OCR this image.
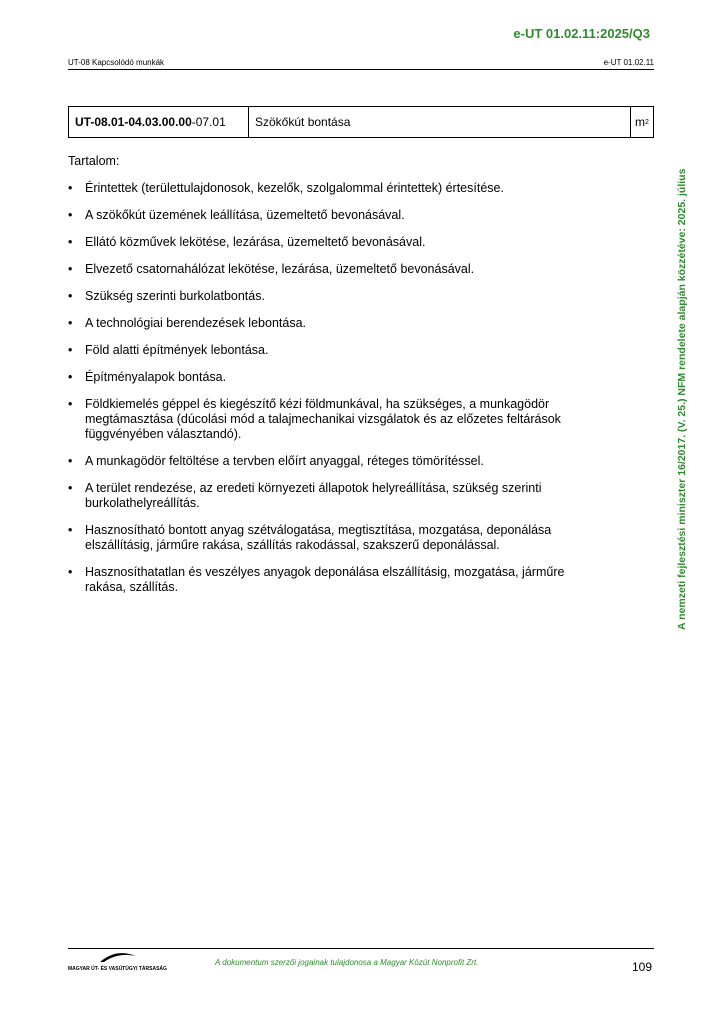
e-UT 01.02.11:2025/Q3
UT-08 Kapcsolódó munkák	e-UT 01.02.11
UT-08.01-04.03.00.00 -07.01 Szökőkút bontása	m 2
Tartalom:
• Érintettek (területtulajdonosok, kezelők, szolgalommal érintettek) értesítése.
• A szökőkút üzemének leállítása, üzemeltető bevonásával.
• Ellátó közművek lekötése, lezárása, üzemeltető bevonásával.
• Elvezető csatornahálózat lekötése, lezárása, üzemeltető bevonásával.
• Szükség szerinti burkolatbontás.
• A technológiai berendezések lebontása.
• Föld alatti építmények lebontása.
• Építményalapok bontása.
• Földkiemelés géppel és kiegészítő kézi földmunkával, ha szükséges, a munkagödör megtámasztása (dúcolási mód a talajmechanikai vizsgálatok és az előzetes feltárások függvényében választandó).
• A munkagödör feltöltése a tervben előírt anyaggal, réteges tömörítéssel.
• A terület rendezése, az eredeti környezeti állapotok helyreállítása, szükség szerinti burkolathelyreállítás.
• Hasznosítható bontott anyag szétválogatása, megtisztítása, mozgatása, deponálása elszállításig, járműre rakása, szállítás rakodással, szakszerű deponálással.
• Hasznosíthatatlan és veszélyes anyagok deponálása elszállításig, mozgatása, járműre rakása, szállítás.	A nemzeti fejlesztési miniszter 16/2017. (V. 25.) NFM rendelete alapján közzétéve: 2025. július
MAGYAR ÚT- ÉS VASÚTÜGYI TÁRSASÁG
A dokumentum szerzői jogainak tulajdonosa a Magyar Közút Nonprofit Zrt.	109
